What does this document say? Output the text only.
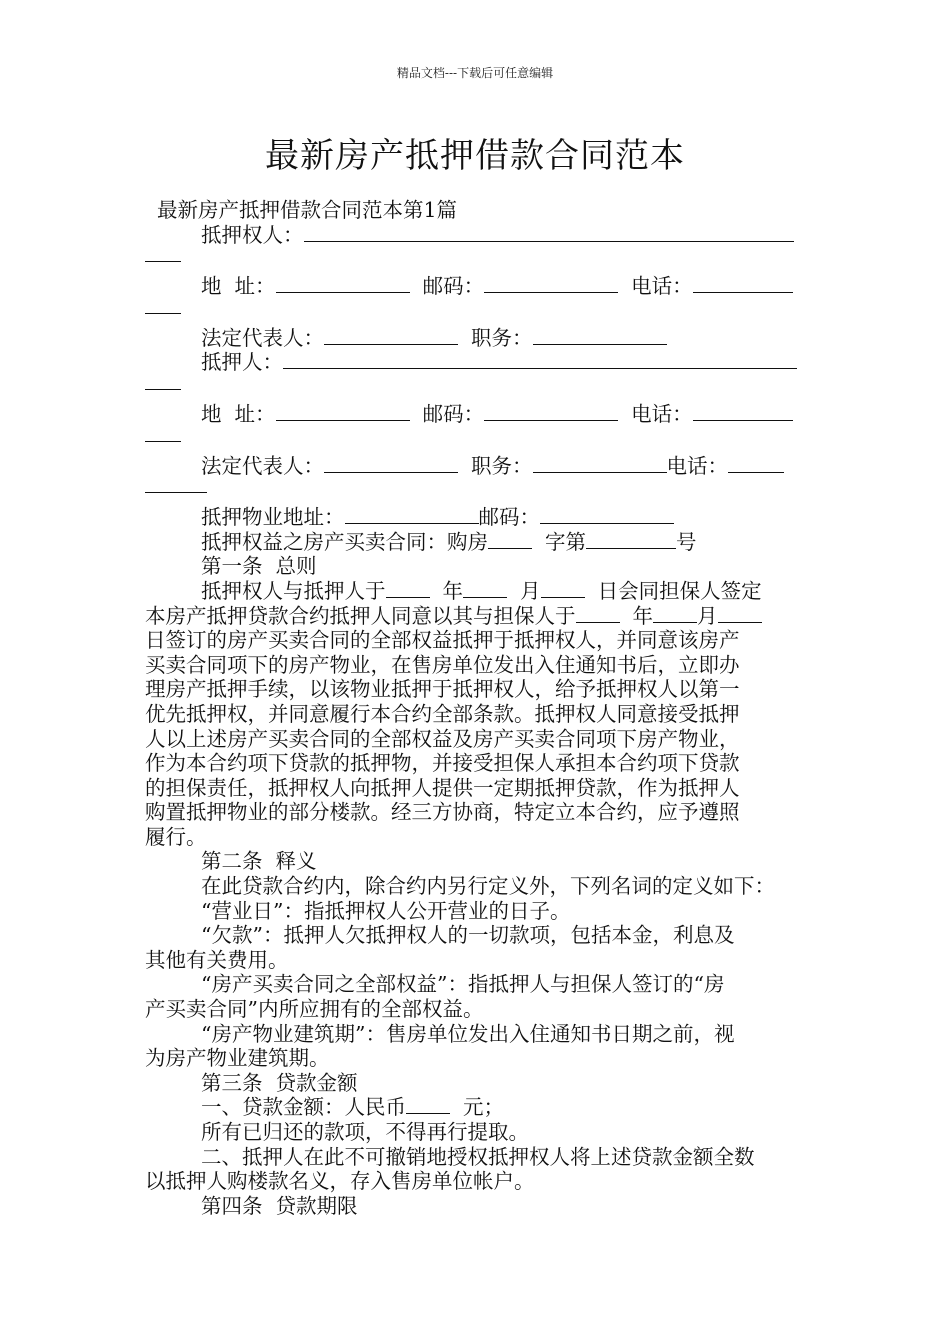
精品文档---下载后可任意编辑
最新房产抵押借款合同范本
最新房产抵押借款合同范本第1篇
抵押权人：
地  址：	邮码：	电话：
法定代表人：	职务：
抵押人：
地  址：	邮码：	电话：
法定代表人：	职务：	电话：
抵押物业地址：	邮码：
抵押权益之房产买卖合同：购房	字第	号
第一条  总则
抵押权人与抵押人于	年	月	日会同担保人签定
本房产抵押贷款合约抵押人同意以其与担保人于	年 月
日签订的房产买卖合同的全部权益抵押于抵押权人，并同意该房产
买卖合同项下的房产物业，在售房单位发出入住通知书后，立即办
理房产抵押手续，以该物业抵押于抵押权人，给予抵押权人以第一
优先抵押权，并同意履行本合约全部条款。抵押权人同意接受抵押
人以上述房产买卖合同的全部权益及房产买卖合同项下房产物业，
作为本合约项下贷款的抵押物，并接受担保人承担本合约项下贷款
的担保责任，抵押权人向抵押人提供一定期抵押贷款，作为抵押人
购置抵押物业的部分楼款。经三方协商，特定立本合约，应予遵照
履行。
第二条  释义
在此贷款合约内，除合约内另行定义外，下列名词的定义如下：
“营业日”：指抵押权人公开营业的日子。
“欠款”：抵押人欠抵押权人的一切款项，包括本金，利息及
其他有关费用。
“房产买卖合同之全部权益”：指抵押人与担保人签订的“房
产买卖合同”内所应拥有的全部权益。
“房产物业建筑期”：售房单位发出入住通知书日期之前，视
为房产物业建筑期。
第三条  贷款金额
一、贷款金额：人民币	元；
所有已归还的款项，不得再行提取。
二、抵押人在此不可撤销地授权抵押权人将上述贷款金额全数
以抵押人购楼款名义，存入售房单位帐户。
第四条  贷款期限
